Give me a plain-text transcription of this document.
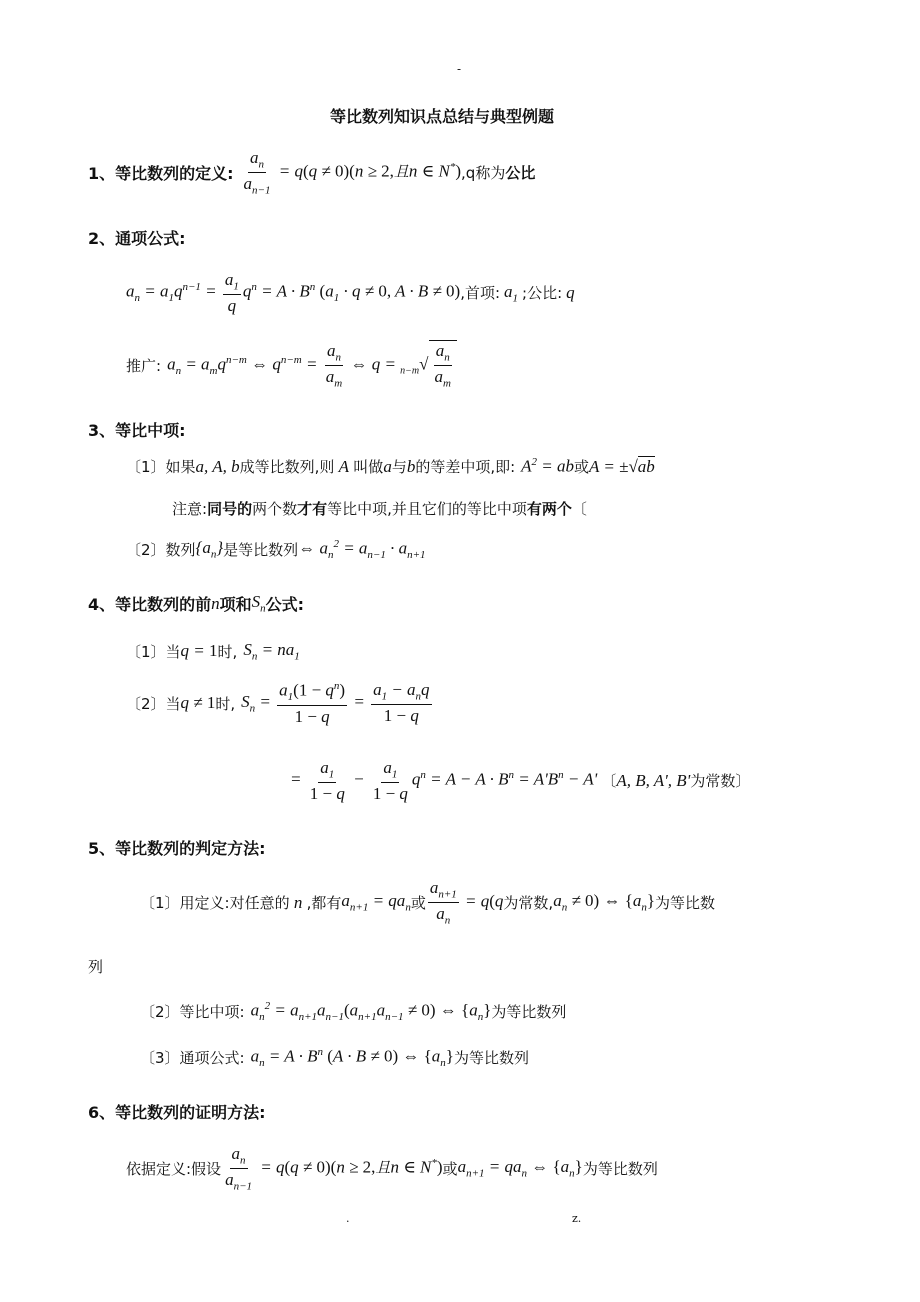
-
等比数列知识点总结与典型例题
1、等比数列的定义: $\frac{a_n}{a_{n-1}} = q(q \ne 0)(n \ge 2$,且n ∈ N*) ,q称为 公比
2、通项公式:
$a_n = a_1q^{n-1} = \frac{a_1}{q} q^n = A \cdot B^n$ ($a_1 \cdot q \ne 0$, A · B ≠ 0) ,首项: $a_1$ ;公比: q
推广: $a_n = a_mq^{n-m}$ ⇔ $q^{n-m} = \frac{a_n}{a_m}$ ⇔ $q = _{n-m}√ \frac{a_n}{a_m}$
3、等比中项:
〔1〕如果 a, A, b 成等比数列,则 A 叫做 a 与 b 的等差中项,即: $A^2$ = ab 或 A = ±√ab
注意: 同号的 两个数 才有 等比中项,并且它们的等比中项 有两个 〔
〔2〕数列 $\{a_n\}$ 是等比数列 ⇔ $a_n^2 = a_{n-1} \cdot a_{n+1}$
4、等比数列的前 n 项和 $S_n$ 公式:
〔1〕当 q = 1 时, $S_n = na_1$
〔2〕当 q ≠ 1 时, $S_n = \frac{a_1(1 - q^n)}{1 - q} = \frac{a_1 - a_nq}{1 - q}$
= $\frac{a_1}{1 - q} - \frac{a_1}{1 - q} q^n = A - A \cdot B^n = A'B^n - A'$ 〔 A, B, A', B' 为常数〕
5、等比数列的判定方法:
〔1〕用定义:对任意的 n ,都有 $a_{n+1} = qa_n$ 或 $\frac{a_{n+1}}{a_n} = q(q$ 为常数, $a_n \ne 0$) ⇔ $\{a_n\}$ 为等比数
列
〔2〕等比中项: $a_n^2 = a_{n+1}a_{n-1}(a_{n+1}a_{n-1} \ne 0)$ ⇔ $\{a_n\}$ 为等比数列
〔3〕通项公式: $a_n = A \cdot B^n$ (A · B ≠ 0) ⇔ $\{a_n\}$ 为等比数列
6、等比数列的证明方法:
依据定义:假设 $\frac{a_n}{a_{n-1}} = q(q \ne 0)(n \ge 2$,且n ∈ N*) 或 $a_{n+1} = qa_n$ ⇔ $\{a_n\}$ 为等比数列
.	z.
